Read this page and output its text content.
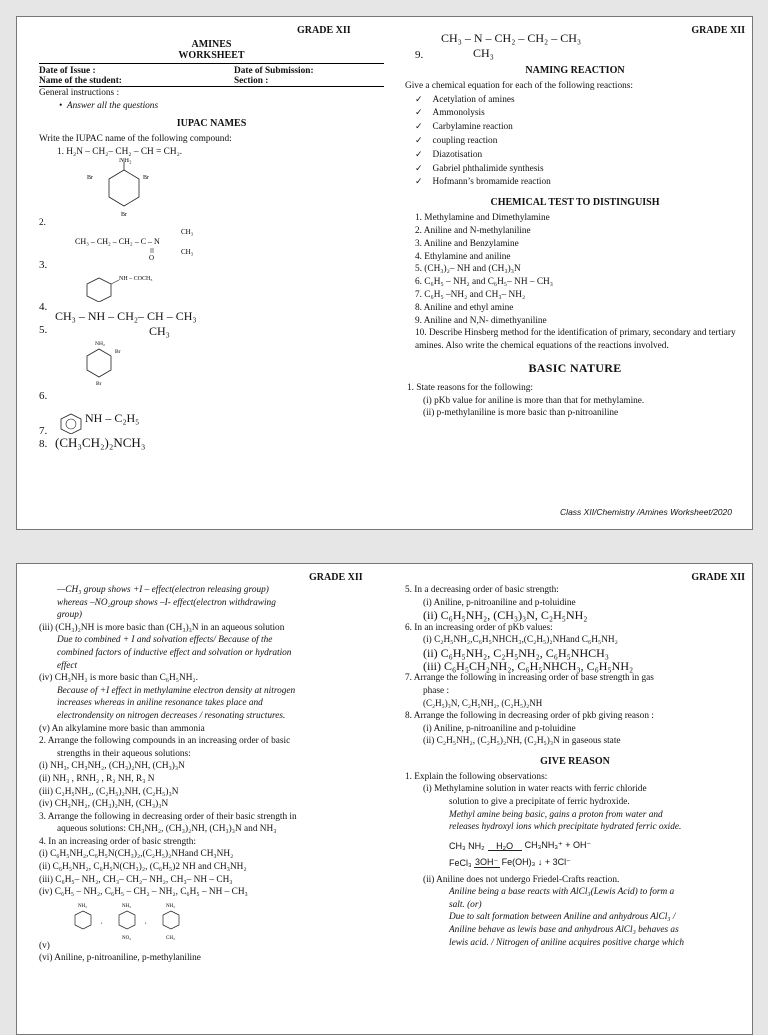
GRADE XII
AMINES
WORKSHEET
Date of Issue :	Date of Submission:
Name of the student:	Section :
General instructions :
•  Answer all the questions
IUPAC NAMES
Write the IUPAC name of the following compound:
1. H₂N – CH₂– CH₂ – CH = CH₂.
NH₂
Br	Br
Br
2.
CH₃ – CH₂ – CH₂ – C – N
CH₃
CH₃
O
3.
NH – COCH₃
4.
CH₃ – NH – CH₂– CH – CH₃
5.	CH₃
NH₂
Br
Br
6.
7.
NH – C₂H₅
8. (CH₃CH₂)₂NCH₃
GRADE XII
CH₃ – N – CH₂ – CH₂ – CH₃
9.	CH₃
NAMING REACTION
Give a chemical equation for each of the following reactions:
✓ Acetylation of amines
✓ Ammonolysis
✓ Carbylamine reaction
✓ coupling reaction
✓ Diazotisation
✓ Gabriel phthalimide synthesis
✓ Hofmann’s bromamide reaction
CHEMICAL TEST TO DISTINGUISH
1. Methylamine and Dimethylamine
2. Aniline and N-methylaniline
3. Aniline and Benzylamine
4. Ethylamine and aniline
5. (CH₃)₂– NH and (CH₃)₃N
6. C₆H₅ – NH₂ and C₆H₅– NH – CH₃
7. C₆H₅ –NH₂ and CH₃– NH₂
8. Aniline and ethyl amine
9. Aniline and N,N- dimethyaniline
10. Describe Hinsberg method for the identification of primary, secondary and tertiary amines. Also write the chemical equations of the reactions involved.
BASIC NATURE
1. State reasons for the following:
(i) pKb value for aniline is more than that for methylamine.
(ii) p-methylaniline is more basic than p-nitroaniline
Class XII/Chemistry /Amines Worksheet/2020
GRADE XII
—CH₃ group shows +I – effect(electron releasing group)
whereas –NO₂group shows –I- effect(electron withdrawing
group)
(iii) (CH₃)₂NH is more basic than (CH₃)₃N in an aqueous solution
Due to combined + I and solvation effects/ Because of the
combined factors of inductive effect and solvation or hydration
effect
(iv) CH₃NH₂ is more basic than C₆H₅NH₂.
Because of +I effect in methylamine electron density at nitrogen
increases whereas in aniline resonance takes place and
electrondensity on nitrogen decreases / resonating structures.
(v) An alkylamine more basic than ammonia
2. Arrange the following compounds in an increasing order of basic
strengths in their aqueous solutions:
(i) NH₃, CH₃NH₂, (CH₃)₂NH, (CH₃)₃N
(ii) NH₃ , RNH₂ , R₂ NH, R₃ N
(iii) C₂H₅NH₂, (C₂H₅)₂NH, (C₂H₅)₃N
(iv) CH₃NH₂, (CH₃)₂NH, (CH₃)₃N
3. Arrange the following in decreasing order of their basic strength in
aqueous solutions: CH₃NH₂, (CH₃)₂NH, (CH₃)₃N and NH₃
4. In an increasing order of basic strength:
(i) C₆H₅NH₂,C₆H₅N(CH₃)₂,(C₂H₅)₂NHand CH₃NH₂
(ii) C₆H₅NH₂, C₆H₅N(CH₃)₂, (C₆H₅)2 NH and CH₃NH₂
(iii) C₆H₅– NH₂, CH₃– CH₂– NH₂, CH₃– NH – CH₃
(iv) C₆H₅ – NH₂, C₆H₅ – CH₂ – NH₂, C₆H₅ – NH – CH₃
NH₂	NH₂	NH₂
,	,
NO₂	CH₃
(v)
(vi) Aniline, p-nitroaniline, p-methylaniline
GRADE XII
5. In a decreasing order of basic strength:
(i) Aniline, p-nitroaniline and p-toluidine
(ii) C₆H₅NH₂, (CH₃)₃N, C₂H₅NH₂
6. In an increasing order of pKb values:
(i) C₂H₅NH₂,C₆H₅NHCH₃,(C₂H₅)₂NHand C₆H₅NH₂
(ii) C₆H₅NH₂, C₂H₅NH₂, C₆H₅NHCH₃
(iii) C₆H₅CH₂NH₂, C₆H₅NHCH₃, C₆H₅NH₂
7. Arrange the following in increasing order of base strength in gas
phase :
(C₂H₅)₃N, C₂H₅NH₂, (C₂H₅)₂NH
8. Arrange the following in decreasing order of pkb giving reason :
(i) Aniline, p-nitroaniline and p-toluidine
(ii) C₂H₅NH₂, (C₂H₅)₂NH, (C₂H₅)₃N in gaseous state
GIVE REASON
1. Explain the following observations:
(i) Methylamine solution in water reacts with ferric chloride
solution to give a precipitate of ferric hydroxide.
Methyl amine being basic, gains a proton from water and
releases hydroxyl ions which precipitate hydrated ferric oxide.
CH₃ NH₂	H₂O	CH₃NH₃⁺ + OH⁻
FeCl₃ 3OH⁻ Fe(OH)₃ ↓ + 3Cl⁻
(ii) Aniline does not undergo Friedel-Crafts reaction.
Aniline being a base reacts with AlCl₃(Lewis Acid) to form a
salt. (or)
Due to salt formation between Aniline and anhydrous AlCl₃ /
Aniline behave as lewis base and anhydrous AlCl₃ behaves as
lewis acid. / Nitrogen of aniline acquires positive charge which
